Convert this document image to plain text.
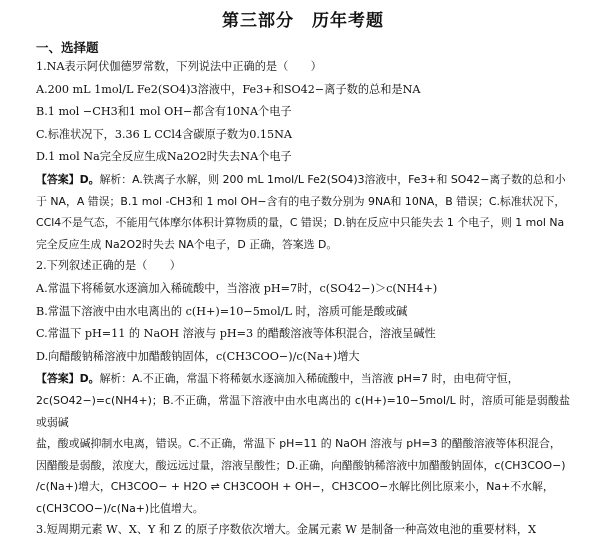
第三部分　历年考题
一、选择题

1.NA表示阿伏伽德罗常数，下列说法中正确的是（　　）

A.200 mL 1mol/L Fe2(SO4)3溶液中，Fe3+和SO42−离子数的总和是NA

B.1 mol −CH3和1 mol OH−都含有10NA个电子

C.标准状况下，3.36 L CCl4含碳原子数为0.15NA

D.1 mol Na完全反应生成Na2O2时失去NA个电子

【答案】D。解析：A.铁离子水解，则 200 mL 1mol/L Fe2(SO4)3溶液中，Fe3+和 SO42−离子数的总和小

于 NA，A 错误；B.1 mol -CH3和 1 mol OH−含有的电子数分别为 9NA和 10NA，B 错误；C.标准状况下，

CCl4不是气态，不能用气体摩尔体积计算物质的量，C 错误；D.钠在反应中只能失去 1 个电子，则 1 mol Na

完全反应生成 Na2O2时失去 NA个电子，D 正确，答案选 D。

2.下列叙述正确的是（　　）

A.常温下将稀氨水逐滴加入稀硫酸中，当溶液 pH=7时，c(SO42−)＞c(NH4+)

B.常温下溶液中由水电离出的 c(H+)=10−5mol/L 时，溶质可能是酸或碱

C.常温下 pH=11 的 NaOH 溶液与 pH=3 的醋酸溶液等体积混合，溶液呈碱性

D.向醋酸钠稀溶液中加醋酸钠固体，c(CH3COO−)/c(Na+)增大

【答案】D。解析：A.不正确，常温下将稀氨水逐滴加入稀硫酸中，当溶液 pH=7 时，由电荷守恒，

2c(SO42−)=c(NH4+)；B.不正确，常温下溶液中由水电离出的 c(H+)=10−5mol/L 时，溶质可能是弱酸盐或弱碱

盐，酸或碱抑制水电离，错误。C.不正确，常温下 pH=11 的 NaOH 溶液与 pH=3 的醋酸溶液等体积混合，

因醋酸是弱酸，浓度大，酸远远过量，溶液呈酸性；D.正确，向醋酸钠稀溶液中加醋酸钠固体，c(CH3COO−)

/c(Na+)增大，CH3COO− + H2O ⇌ CH3COOH + OH−，CH3COO−水解比例比原来小，Na+不水解，

c(CH3COO−)/c(Na+)比值增大。

3.短周期元素 W、X、Y 和 Z 的原子序数依次增大。金属元素 W 是制备一种高效电池的重要材料，X
